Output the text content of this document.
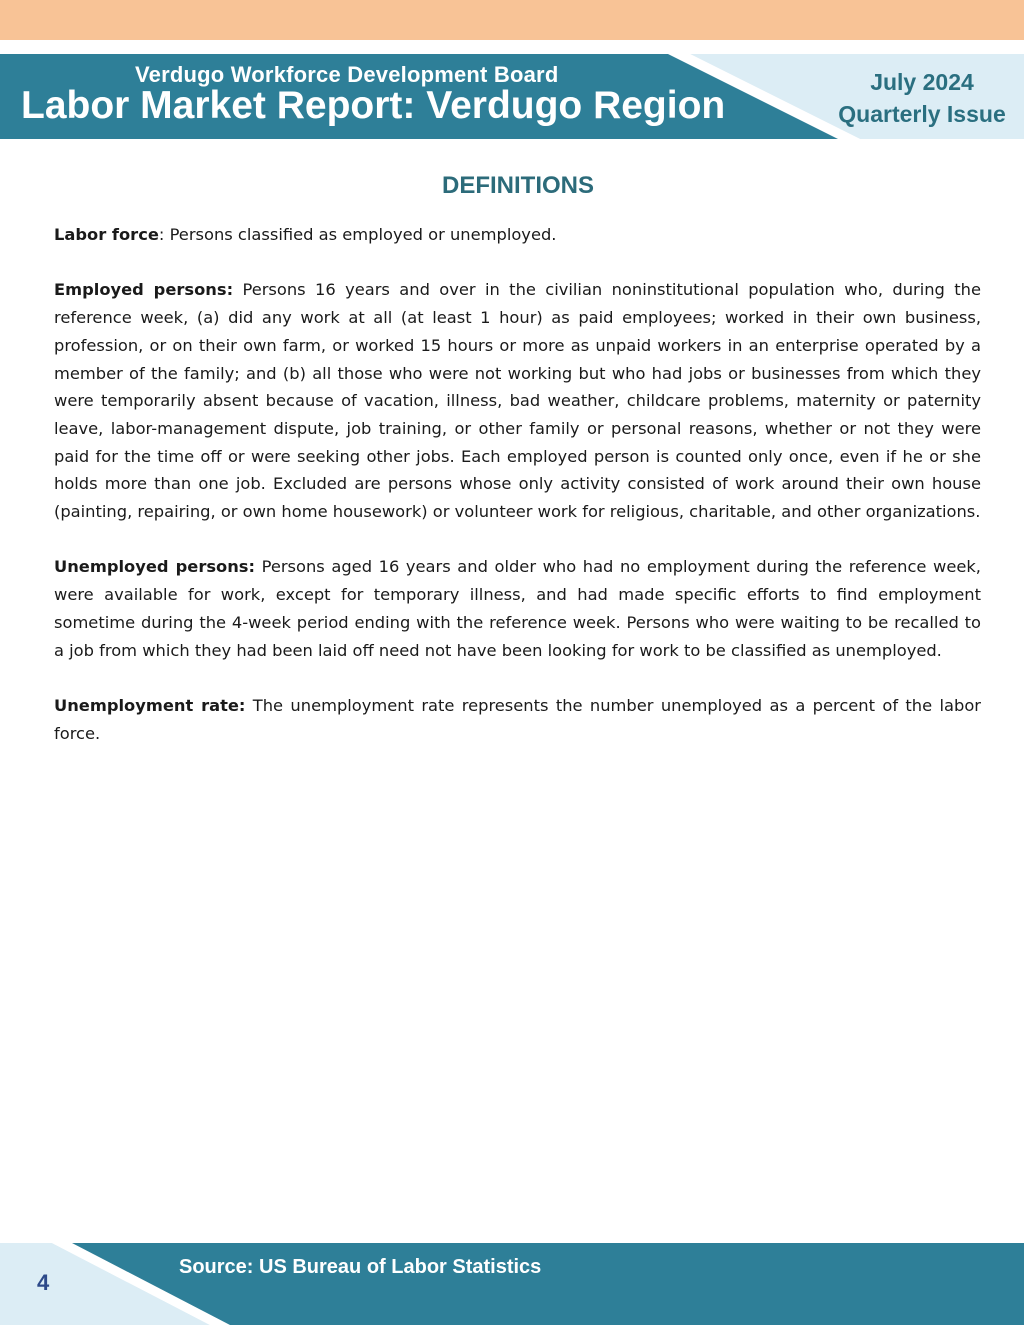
Verdugo Workforce Development Board
Labor Market Report: Verdugo Region
July 2024
Quarterly Issue
DEFINITIONS

Labor force: Persons classified as employed or unemployed.

Employed persons: Persons 16 years and over in the civilian noninstitutional population who, during the reference week, (a) did any work at all (at least 1 hour) as paid employees; worked in their own business, profession, or on their own farm, or worked 15 hours or more as unpaid workers in an enterprise operated by a member of the family; and (b) all those who were not working but who had jobs or businesses from which they were temporarily absent because of vacation, illness, bad weather, childcare problems, maternity or paternity leave, labor-management dispute, job training, or other family or personal reasons, whether or not they were paid for the time off or were seeking other jobs. Each employed person is counted only once, even if he or she holds more than one job. Excluded are persons whose only activity consisted of work around their own house (painting, repairing, or own home housework) or volunteer work for religious, charitable, and other organizations.

Unemployed persons: Persons aged 16 years and older who had no employment during the reference week, were available for work, except for temporary illness, and had made specific efforts to find employment sometime during the 4-week period ending with the reference week. Persons who were waiting to be recalled to a job from which they had been laid off need not have been looking for work to be classified as unemployed.

Unemployment rate: The unemployment rate represents the number unemployed as a percent of the labor force.

4
Source: US Bureau of Labor Statistics
